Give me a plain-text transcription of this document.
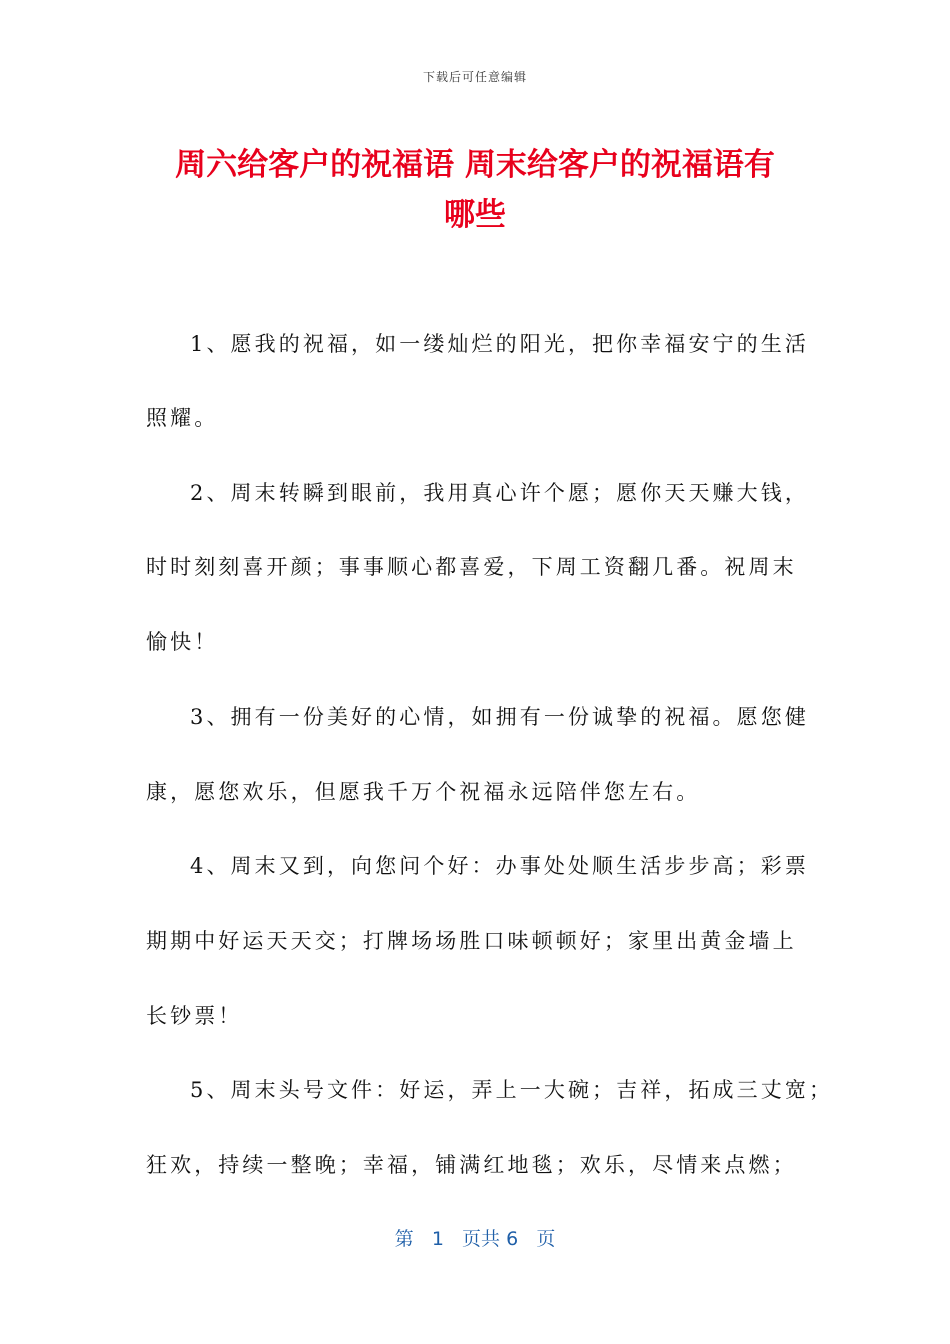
下载后可任意编辑
周六给客户的祝福语 周末给客户的祝福语有
哪些
1、愿我的祝福，如一缕灿烂的阳光，把你幸福安宁的生活
照耀。
2、周末转瞬到眼前，我用真心许个愿；愿你天天赚大钱，
时时刻刻喜开颜；事事顺心都喜爱，下周工资翻几番。祝周末
愉快！
3、拥有一份美好的心情，如拥有一份诚挚的祝福。愿您健
康，愿您欢乐，但愿我千万个祝福永远陪伴您左右。
4、周末又到，向您问个好：办事处处顺生活步步高；彩票
期期中好运天天交；打牌场场胜口味顿顿好；家里出黄金墙上
长钞票！
5、周末头号文件：好运，弄上一大碗；吉祥，拓成三丈宽；
狂欢，持续一整晚；幸福，铺满红地毯；欢乐，尽情来点燃；
第 1 页共 6 页
